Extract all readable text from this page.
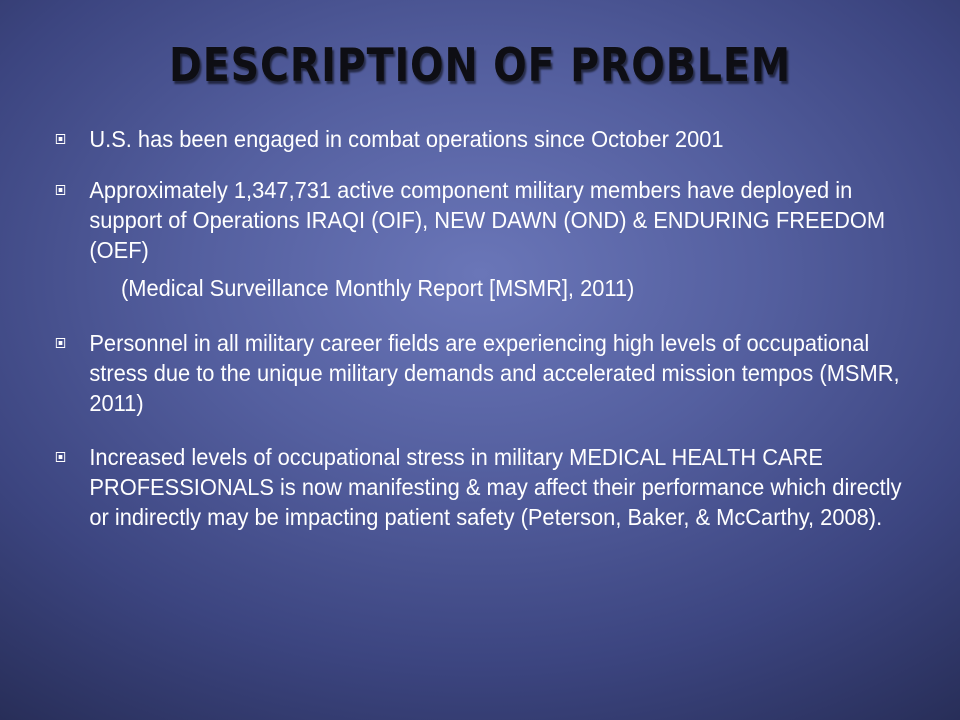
DESCRIPTION OF PROBLEM
U.S. has been engaged in combat operations since October 2001
Approximately 1,347,731 active component military members have deployed in support of Operations IRAQI (OIF), NEW DAWN (OND) & ENDURING FREEDOM (OEF)
(Medical Surveillance Monthly Report [MSMR], 2011)
Personnel in all military career fields are experiencing high levels of occupational stress due to the unique military demands and accelerated mission tempos (MSMR, 2011)
Increased levels of occupational stress in military MEDICAL HEALTH CARE PROFESSIONALS is now manifesting & may affect their performance which directly or indirectly may be impacting patient safety (Peterson, Baker, & McCarthy, 2008).
